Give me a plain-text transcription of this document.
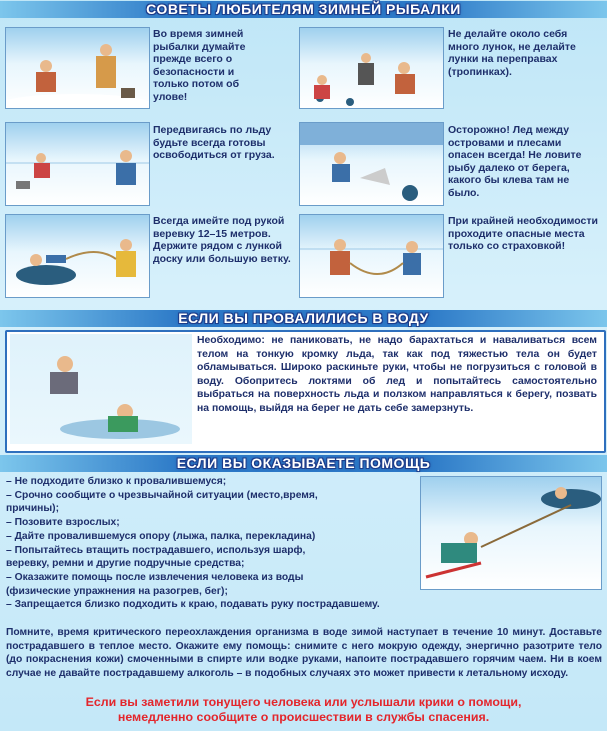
СОВЕТЫ ЛЮБИТЕЛЯМ ЗИМНЕЙ РЫБАЛКИ
Во время зимней рыбалки думайте прежде всего о безопасности и только потом об улове!
Не делайте около себя много лунок, не делайте лунки на переправах (тропинках).
Передвигаясь по льду будьте всегда готовы освободиться от груза.
Осторожно! Лед между островами и плесами опасен всегда! Не ловите рыбу далеко от берега, какого бы клева там не было.
Всегда имейте под рукой веревку 12–15 метров. Держите рядом с лункой доску или большую ветку.
При крайней необходимости проходите опасные места только со страховкой!
ЕСЛИ ВЫ ПРОВАЛИЛИСЬ В ВОДУ
Необходимо: не паниковать, не надо барахтаться и наваливаться всем телом на тонкую кромку льда, так как под тяжестью тела он будет обламываться. Широко раскиньте руки, чтобы не погрузиться с головой в воду. Обопритесь локтями об лед и попытайтесь самостоятельно выбраться на поверхность льда и ползком направляться к берегу, позвать на помощь, выйдя на берег не дать себе замерзнуть.
ЕСЛИ ВЫ ОКАЗЫВАЕТЕ ПОМОЩЬ
– Не подходите близко к провалившемуся;
– Срочно сообщите о чрезвычайной ситуации (место,время,
причины);
– Позовите взрослых;
– Дайте провалившемуся опору (лыжа, палка, перекладина)
– Попытайтесь втащить пострадавшего, используя шарф,
веревку, ремни и другие подручные средства;
– Оказажите помощь после извлечения человека из воды
(физические упражнения на разогрев, бег);
– Запрещается близко подходить к краю, подавать руку пострадавшему.
Помните, время критического переохлаждения организма в воде зимой наступает в течение 10 минут. Доставьте пострадавшего в теплое место. Окажите ему помощь: снимите с него мокрую одежду, энергично разотрите тело (до покраснения кожи) смоченными в спирте или водке руками, напоите пострадавшего горячим чаем. Ни в коем случае не давайте пострадавшему алкоголь – в подобных случаях это может привести к летальному исходу.
Если вы заметили тонущего человека или услышали крики о помощи,
немедленно сообщите о происшествии в службы спасения.
